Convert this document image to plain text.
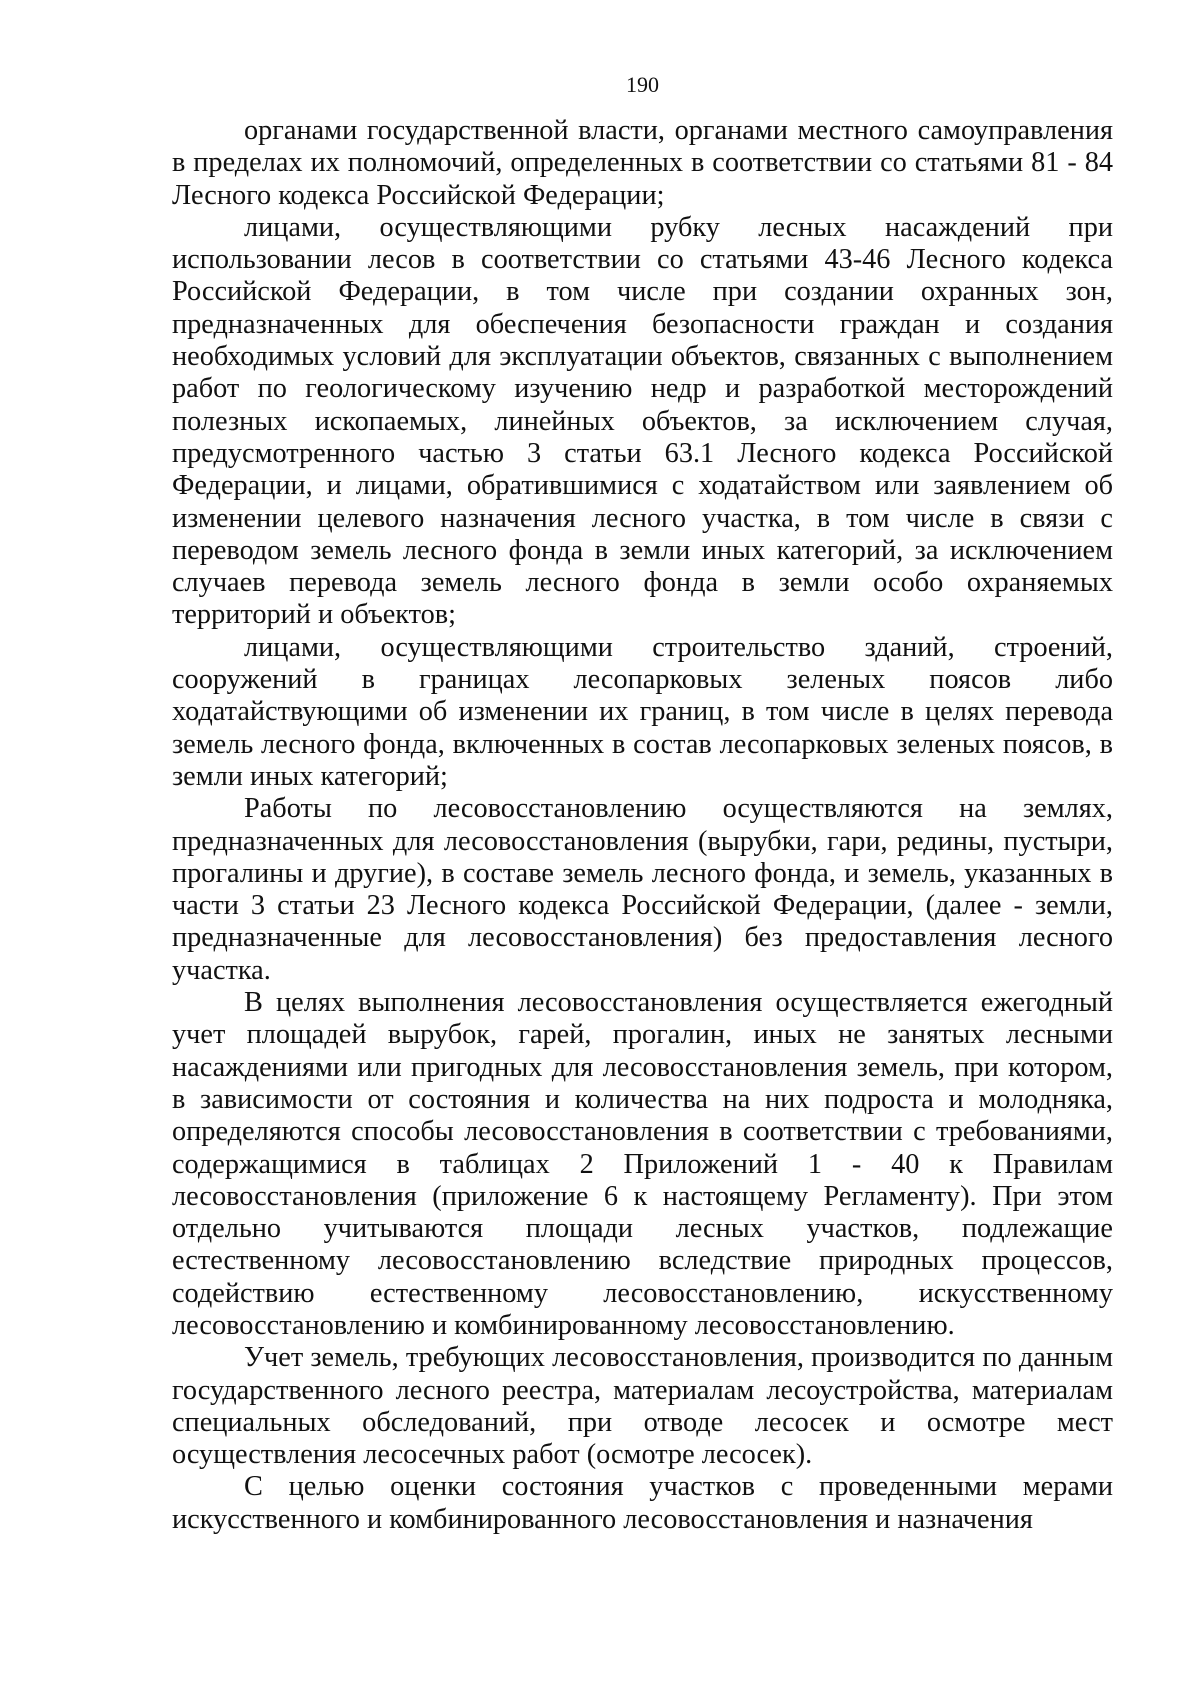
190

органами государственной власти, органами местного самоуправления в пределах их полномочий, определенных в соответствии со статьями 81 - 84 Лесного кодекса Российской Федерации;

лицами, осуществляющими рубку лесных насаждений при использовании лесов в соответствии со статьями 43-46 Лесного кодекса Российской Федерации, в том числе при создании охранных зон, предназначенных для обеспечения безопасности граждан и создания необходимых условий для эксплуатации объектов, связанных с выполнением работ по геологическому изучению недр и разработкой месторождений полезных ископаемых, линейных объектов, за исключением случая, предусмотренного частью 3 статьи 63.1 Лесного кодекса Российской Федерации, и лицами, обратившимися с ходатайством или заявлением об изменении целевого назначения лесного участка, в том числе в связи с переводом земель лесного фонда в земли иных категорий, за исключением случаев перевода земель лесного фонда в земли особо охраняемых территорий и объектов;

лицами, осуществляющими строительство зданий, строений, сооружений в границах лесопарковых зеленых поясов либо ходатайствующими об изменении их границ, в том числе в целях перевода земель лесного фонда, включенных в состав лесопарковых зеленых поясов, в земли иных категорий;

Работы по лесовосстановлению осуществляются на землях, предназначенных для лесовосстановления (вырубки, гари, редины, пустыри, прогалины и другие), в составе земель лесного фонда, и земель, указанных в части 3 статьи 23 Лесного кодекса Российской Федерации, (далее - земли, предназначенные для лесовосстановления) без предоставления лесного участка.

В целях выполнения лесовосстановления осуществляется ежегодный учет площадей вырубок, гарей, прогалин, иных не занятых лесными насаждениями или пригодных для лесовосстановления земель, при котором, в зависимости от состояния и количества на них подроста и молодняка, определяются способы лесовосстановления в соответствии с требованиями, содержащимися в таблицах 2 Приложений 1 - 40 к Правилам лесовосстановления (приложение 6 к настоящему Регламенту). При этом отдельно учитываются площади лесных участков, подлежащие естественному лесовосстановлению вследствие природных процессов, содействию естественному лесовосстановлению, искусственному лесовосстановлению и комбинированному лесовосстановлению.

Учет земель, требующих лесовосстановления, производится по данным государственного лесного реестра, материалам лесоустройства, материалам специальных обследований, при отводе лесосек и осмотре мест осуществления лесосечных работ (осмотре лесосек).

С целью оценки состояния участков с проведенными мерами искусственного и комбинированного лесовосстановления и назначения
